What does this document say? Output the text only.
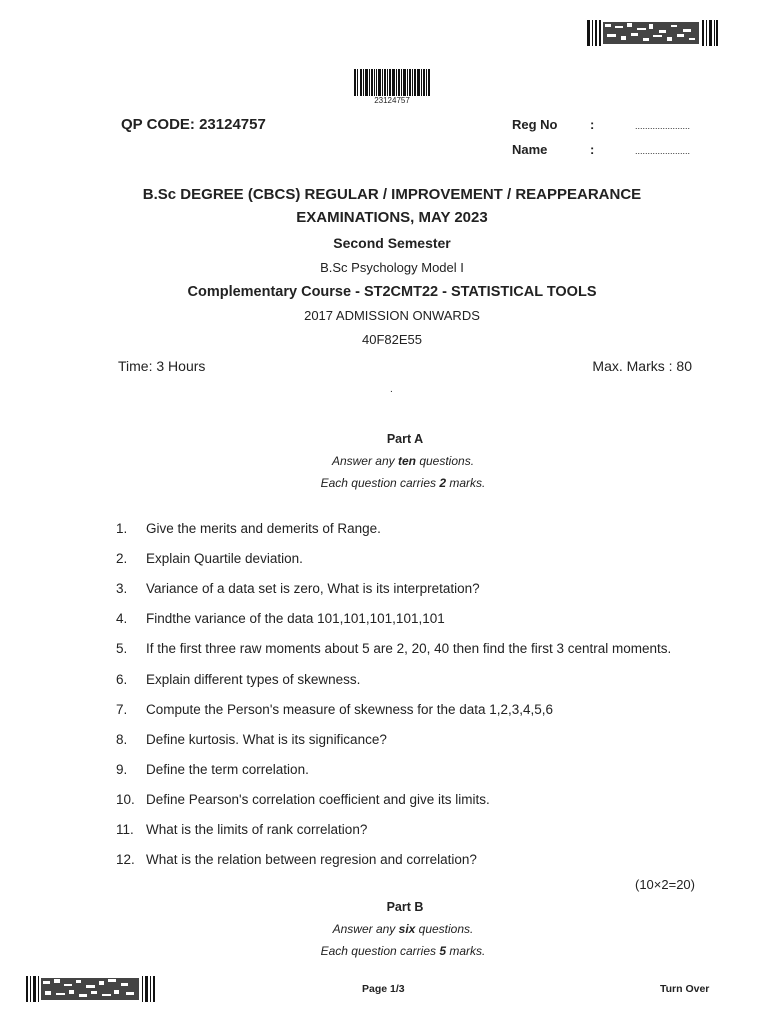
23124757
QP CODE: 23124757	Reg No	:	......................
Name	:	......................
B.Sc DEGREE (CBCS) REGULAR / IMPROVEMENT / REAPPEARANCE
EXAMINATIONS, MAY 2023
Second Semester
B.Sc Psychology Model I
Complementary Course - ST2CMT22 - STATISTICAL TOOLS
2017 ADMISSION ONWARDS
40F82E55
Time: 3 Hours	Max. Marks : 80
.
Part A
Answer any ten questions.
Each question carries 2 marks.
1. Give the merits and demerits of Range.
2. Explain Quartile deviation.
3. Variance of a data set is zero, What is its interpretation?
4. Findthe variance of the data 101,101,101,101,101
5. If the first three raw moments about 5 are 2, 20, 40 then find the first 3 central moments.
6. Explain different types of skewness.
7. Compute the Person's measure of skewness for the data 1,2,3,4,5,6
8. Define kurtosis. What is its significance?
9. Define the term correlation.
10. Define Pearson's correlation coefficient and give its limits.
11. What is the limits of rank correlation?
12. What is the relation between regresion and correlation?
(10×2=20)
Part B
Answer any six questions.
Each question carries 5 marks.
Page 1/3	Turn Over
